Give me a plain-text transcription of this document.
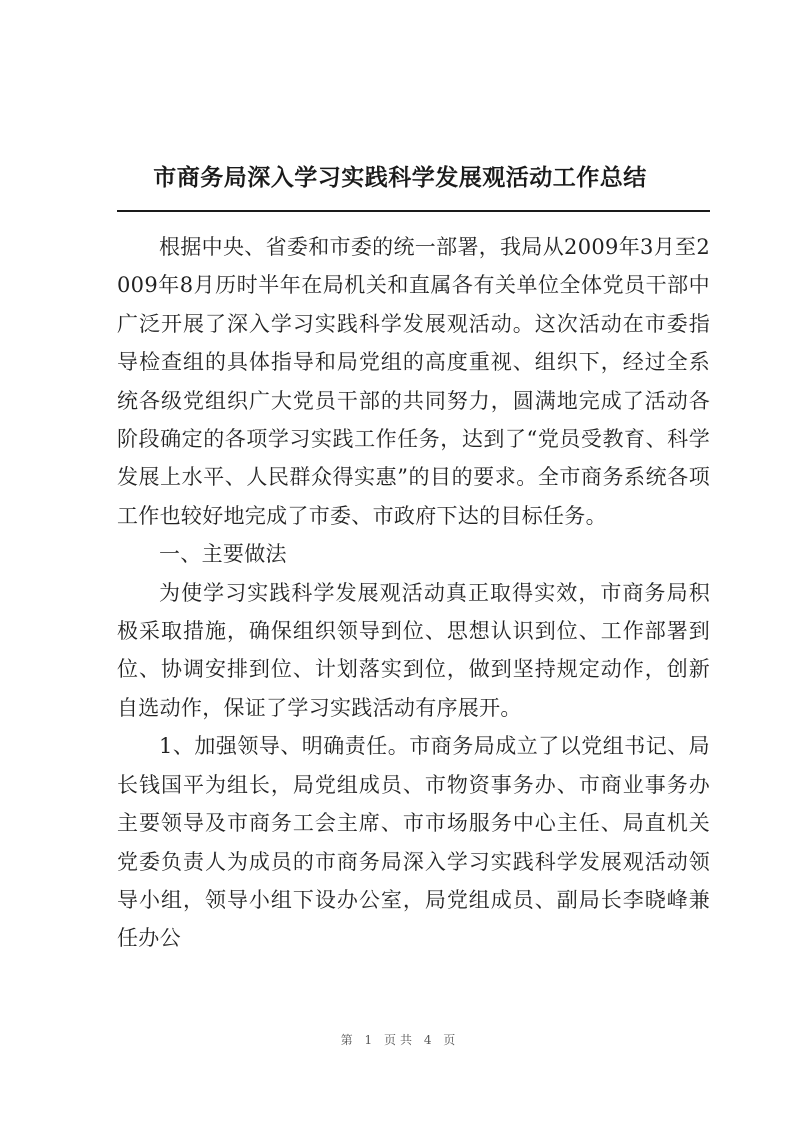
市商务局深入学习实践科学发展观活动工作总结

根据中央、省委和市委的统一部署，我局从2009年3月至2009年8月历时半年在局机关和直属各有关单位全体党员干部中广泛开展了深入学习实践科学发展观活动。这次活动在市委指导检查组的具体指导和局党组的高度重视、组织下，经过全系统各级党组织广大党员干部的共同努力，圆满地完成了活动各阶段确定的各项学习实践工作任务，达到了“党员受教育、科学发展上水平、人民群众得实惠”的目的要求。全市商务系统各项工作也较好地完成了市委、市政府下达的目标任务。

一、主要做法

为使学习实践科学发展观活动真正取得实效，市商务局积极采取措施，确保组织领导到位、思想认识到位、工作部署到位、协调安排到位、计划落实到位，做到坚持规定动作，创新自选动作，保证了学习实践活动有序展开。

1、加强领导、明确责任。市商务局成立了以党组书记、局长钱国平为组长，局党组成员、市物资事务办、市商业事务办主要领导及市商务工会主席、市市场服务中心主任、局直机关党委负责人为成员的市商务局深入学习实践科学发展观活动领导小组，领导小组下设办公室，局党组成员、副局长李晓峰兼任办公

第 1 页共 4 页
